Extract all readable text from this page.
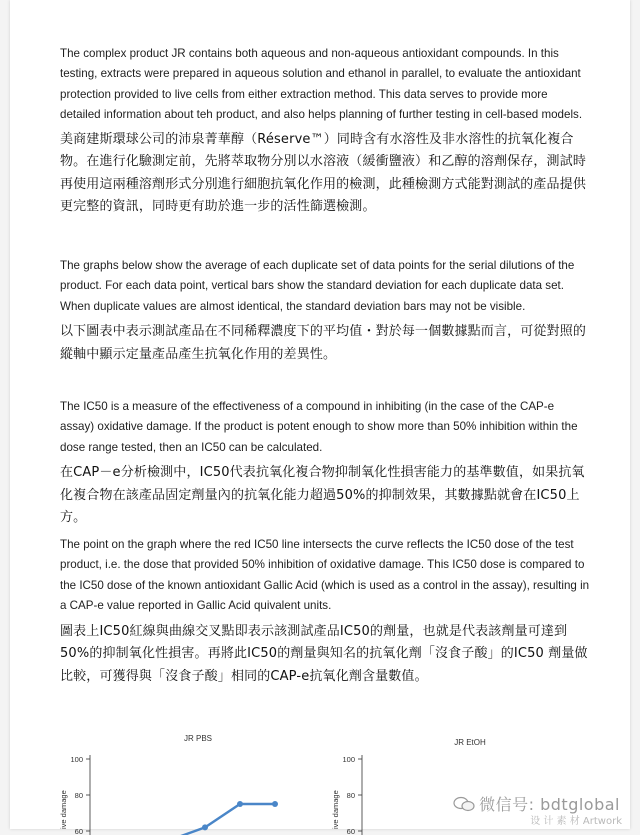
The complex product JR contains both aqueous and non-aqueous antioxidant compounds. In this testing, extracts were prepared in aqueous solution and ethanol in parallel, to evaluate the antioxidant protection provided to live cells from either extraction method. This data serves to provide more detailed information about teh product, and also helps planning of further testing in cell-based models.

美商建斯環球公司的沛泉菁華醇（Réserve™）同時含有水溶性及非水溶性的抗氧化複合物。在進行化驗測定前，先將萃取物分別以水溶液（緩衝鹽液）和乙醇的溶劑保存，測試時再使用這兩種溶劑形式分別進行細胞抗氧化作用的檢測，此種檢測方式能對測試的產品提供更完整的資訊，同時更有助於進一步的活性篩選檢測。

The graphs below show the average of each duplicate set of data points for the serial dilutions of the product. For each data point, vertical bars show the standard deviation for each duplicate data set. When duplicate values are almost identical, the standard deviation bars may not be visible.

以下圖表中表示測試產品在不同稀釋濃度下的平均值・對於每一個數據點而言，可從對照的縱軸中顯示定量產品產生抗氧化作用的差異性。

The IC50 is a measure of the effectiveness of a compound in inhibiting (in the case of the CAP-e assay) oxidative damage. If the product is potent enough to show more than 50% inhibition within the dose range tested, then an IC50 can be calculated.

在CAP－e分析檢測中，IC50代表抗氧化複合物抑制氧化性損害能力的基準數值，如果抗氧化複合物在該產品固定劑量內的抗氧化能力超過50%的抑制效果，其數據點就會在IC50上方。

The point on the graph where the red IC50 line intersects the curve reflects the IC50 dose of the test product, i.e. the dose that provided 50% inhibition of oxidative damage. This IC50 dose is compared to the IC50 dose of the known antioxidant Gallic Acid (which is used as a control in the assay), resulting in a CAP-e value reported in Gallic Acid quivalent units.

圖表上IC50紅線與曲線交叉點即表示該測試產品IC50的劑量，也就是代表該劑量可達到50%的抑制氧化性損害。再將此IC50的劑量與知名的抗氧化劑「沒食子酸」的IC50 劑量做比較，可獲得與「沒食子酸」相同的CAP-e抗氧化劑含量數值。

JR PBS
ive damage
100
80
60
JR EtOH
ive damage
100
80
60
微信号: bdtglobal
设 计 素 材 Artwork
